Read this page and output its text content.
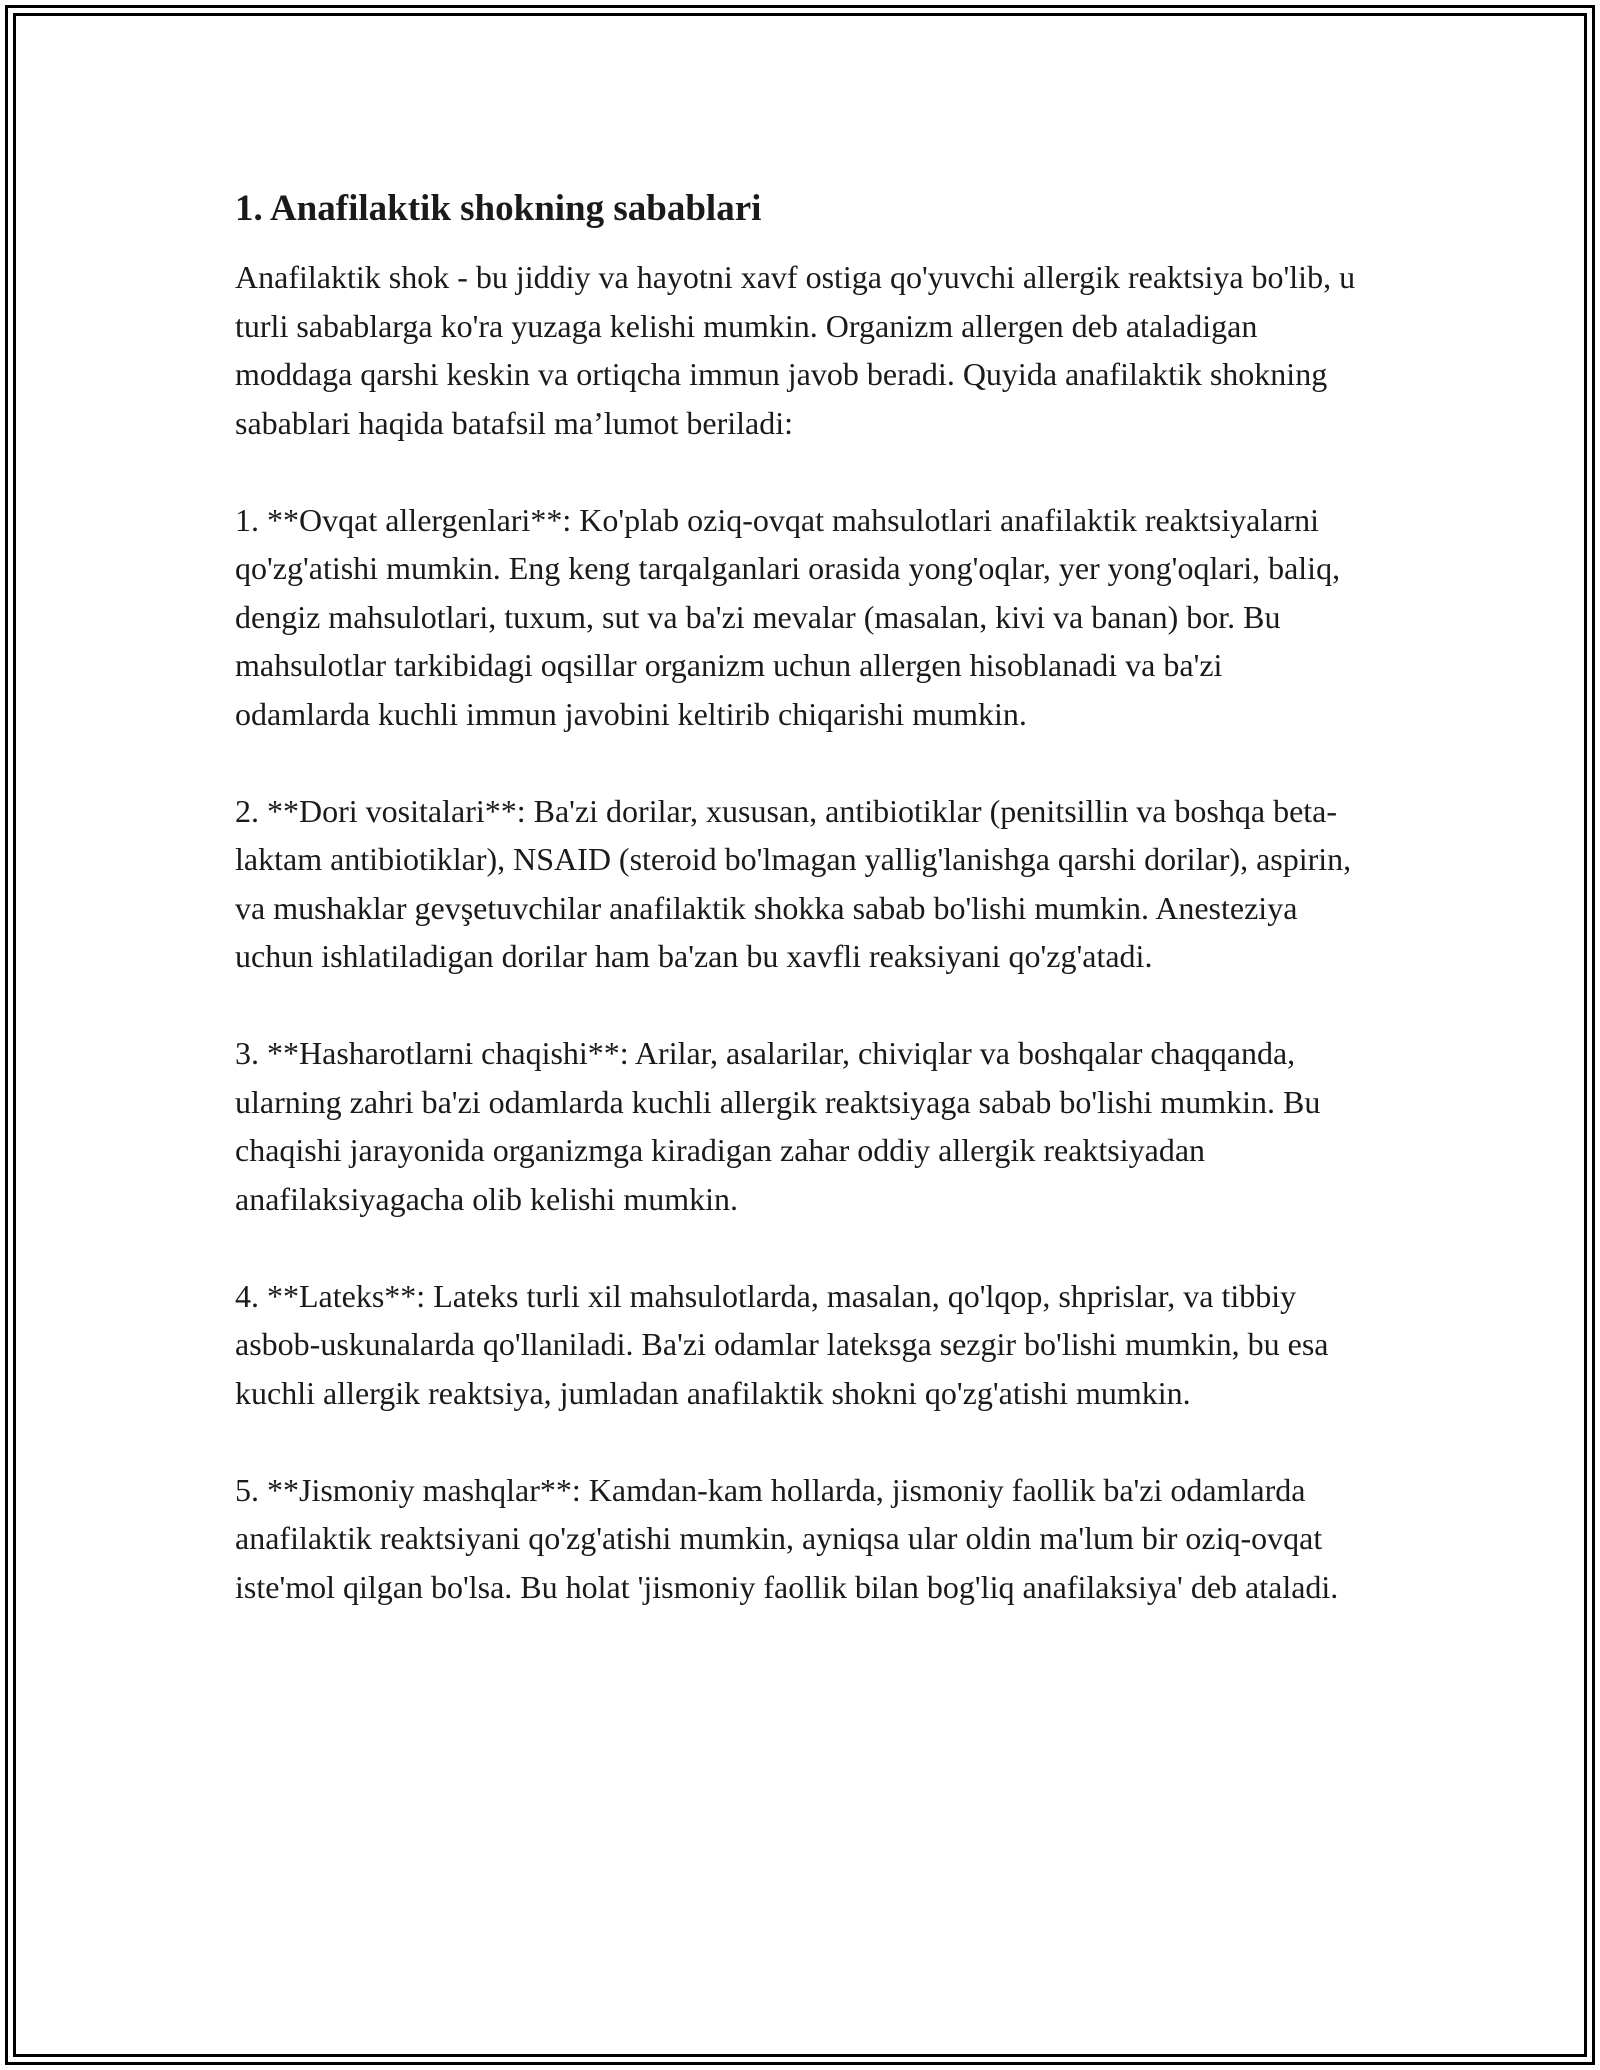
1. Anafilaktik shokning sabablari

Anafilaktik shok - bu jiddiy va hayotni xavf ostiga qo'yuvchi allergik reaktsiya bo'lib, u turli sabablarga ko'ra yuzaga kelishi mumkin. Organizm allergen deb ataladigan moddaga qarshi keskin va ortiqcha immun javob beradi. Quyida anafilaktik shokning sabablari haqida batafsil ma’lumot beriladi:

1. **Ovqat allergenlari**: Ko'plab oziq-ovqat mahsulotlari anafilaktik reaktsiyalarni qo'zg'atishi mumkin. Eng keng tarqalganlari orasida yong'oqlar, yer yong'oqlari, baliq, dengiz mahsulotlari, tuxum, sut va ba'zi mevalar (masalan, kivi va banan) bor. Bu mahsulotlar tarkibidagi oqsillar organizm uchun allergen hisoblanadi va ba'zi odamlarda kuchli immun javobini keltirib chiqarishi mumkin.

2. **Dori vositalari**: Ba'zi dorilar, xususan, antibiotiklar (penitsillin va boshqa beta-laktam antibiotiklar), NSAID (steroid bo'lmagan yallig'lanishga qarshi dorilar), aspirin, va mushaklar gevşetuvchilar anafilaktik shokka sabab bo'lishi mumkin. Anesteziya uchun ishlatiladigan dorilar ham ba'zan bu xavfli reaksiyani qo'zg'atadi.

3. **Hasharotlarni chaqishi**: Arilar, asalarilar, chiviqlar va boshqalar chaqqanda, ularning zahri ba'zi odamlarda kuchli allergik reaktsiyaga sabab bo'lishi mumkin. Bu chaqishi jarayonida organizmga kiradigan zahar oddiy allergik reaktsiyadan anafilaksiyagacha olib kelishi mumkin.

4. **Lateks**: Lateks turli xil mahsulotlarda, masalan, qo'lqop, shprislar, va tibbiy asbob-uskunalarda qo'llaniladi. Ba'zi odamlar lateksga sezgir bo'lishi mumkin, bu esa kuchli allergik reaktsiya, jumladan anafilaktik shokni qo'zg'atishi mumkin.

5. **Jismoniy mashqlar**: Kamdan-kam hollarda, jismoniy faollik ba'zi odamlarda anafilaktik reaktsiyani qo'zg'atishi mumkin, ayniqsa ular oldin ma'lum bir oziq-ovqat iste'mol qilgan bo'lsa. Bu holat 'jismoniy faollik bilan bog'liq anafilaksiya' deb ataladi.
